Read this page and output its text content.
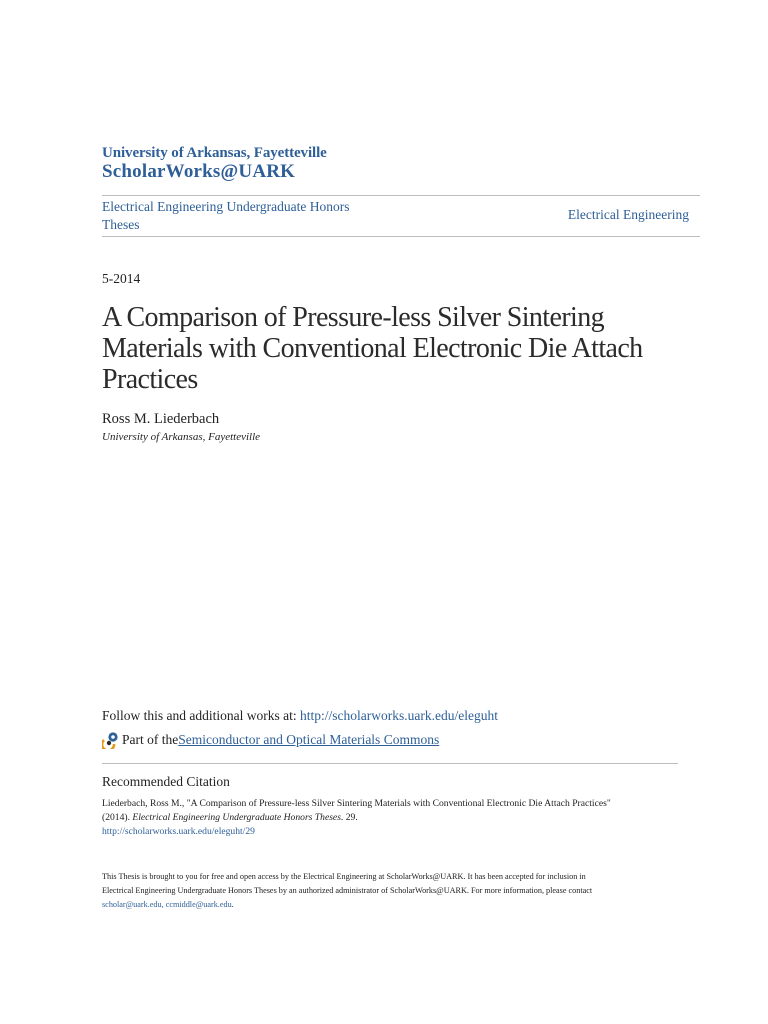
University of Arkansas, Fayetteville
ScholarWorks@UARK
Electrical Engineering Undergraduate Honors
Theses
Electrical Engineering
5-2014
A Comparison of Pressure-less Silver Sintering
Materials with Conventional Electronic Die Attach
Practices
Ross M. Liederbach
University of Arkansas, Fayetteville
Follow this and additional works at: http://scholarworks.uark.edu/eleguht
Part of the Semiconductor and Optical Materials Commons
Recommended Citation
Liederbach, Ross M., "A Comparison of Pressure-less Silver Sintering Materials with Conventional Electronic Die Attach Practices"
(2014). Electrical Engineering Undergraduate Honors Theses. 29.
http://scholarworks.uark.edu/eleguht/29
This Thesis is brought to you for free and open access by the Electrical Engineering at ScholarWorks@UARK. It has been accepted for inclusion in
Electrical Engineering Undergraduate Honors Theses by an authorized administrator of ScholarWorks@UARK. For more information, please contact
scholar@uark.edu, ccmiddle@uark.edu.
